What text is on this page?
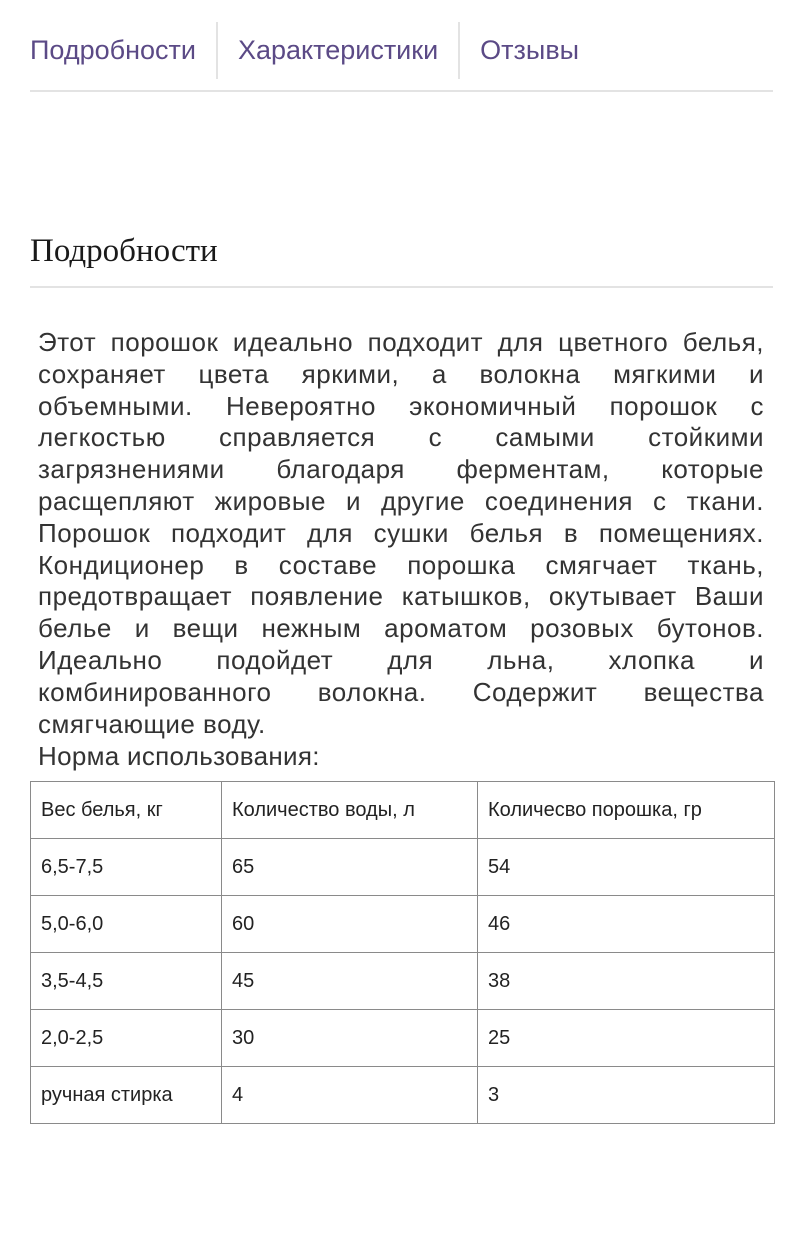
Подробности	Характеристики	Отзывы
Подробности

Этот порошок идеально подходит для цветного белья, сохраняет цвета яркими, а волокна мягкими и объемными. Невероятно экономичный порошок с легкостью справляется с самыми стойкими загрязнениями благодаря ферментам, которые расщепляют жировые и другие соединения с ткани. Порошок подходит для сушки белья в помещениях. Кондиционер в составе порошка смягчает ткань, предотвращает появление катышков, окутывает Ваши белье и вещи нежным ароматом розовых бутонов. Идеально подойдет для льна, хлопка и комбинированного волокна. Содержит вещества смягчающие воду.

Норма использования:

Вес белья, кг	Количество воды, л	Количесво порошка, гр
6,5-7,5	65	54
5,0-6,0	60	46
3,5-4,5	45	38
2,0-2,5	30	25
ручная стирка	4	3
